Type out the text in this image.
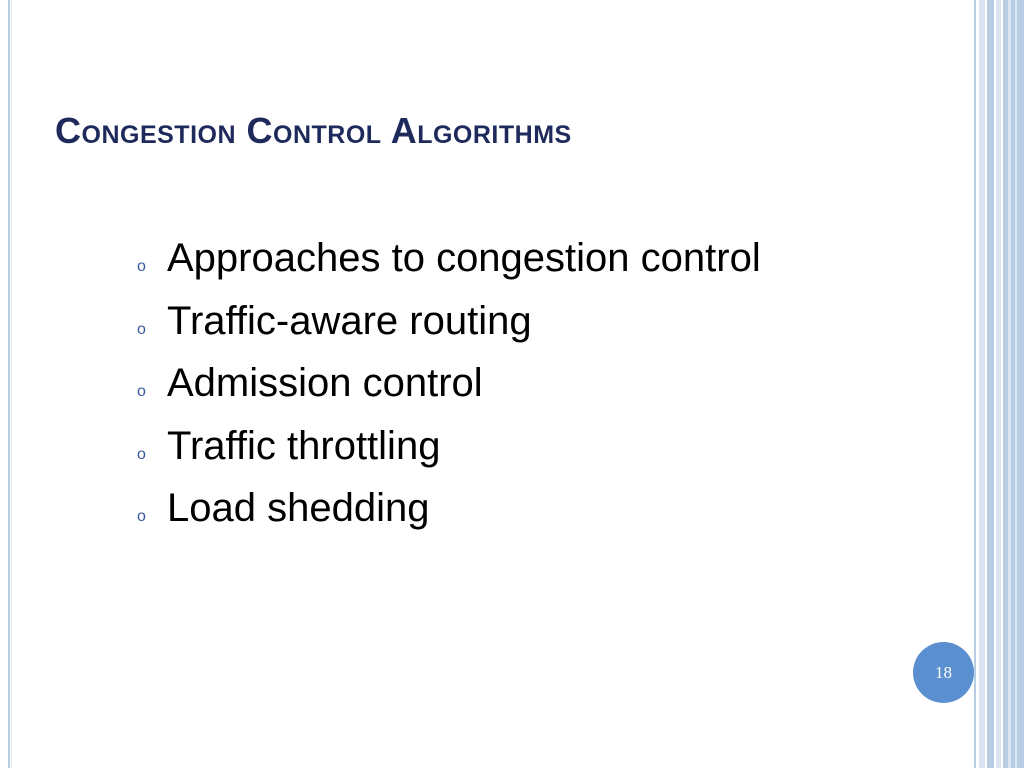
Congestion Control Algorithms
o Approaches to congestion control
o Traffic-aware routing
o Admission control
o Traffic throttling
o Load shedding
18
